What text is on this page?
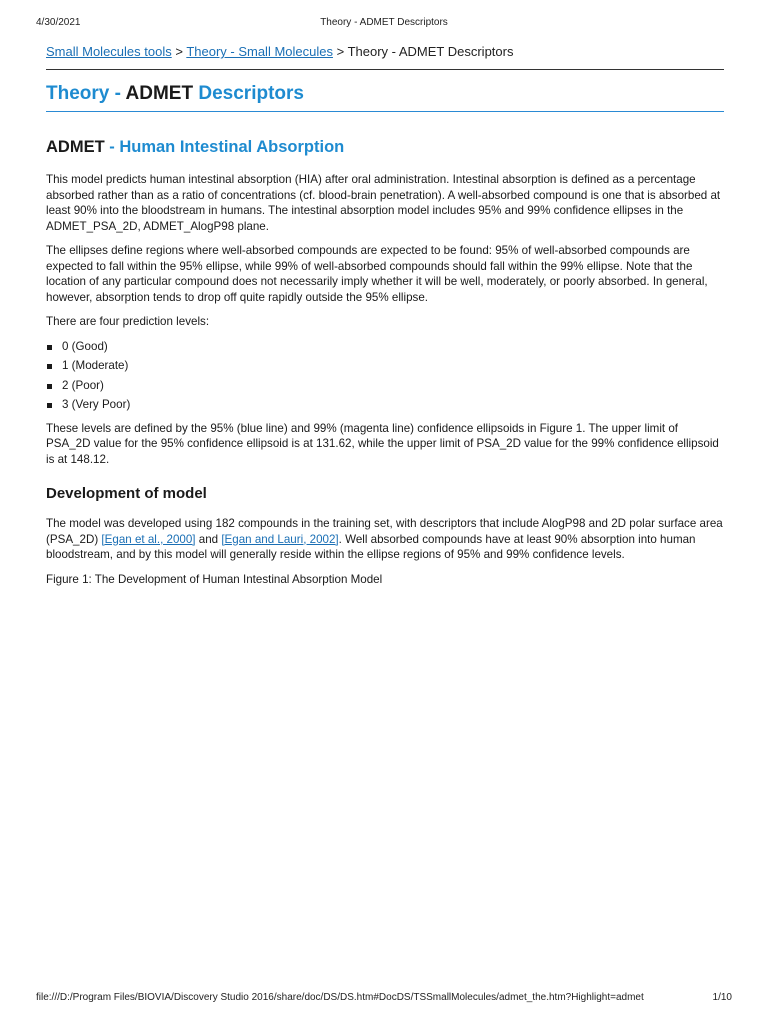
4/30/2021	Theory - ADMET Descriptors
Small Molecules tools > Theory - Small Molecules > Theory - ADMET Descriptors
Theory - ADMET Descriptors
ADMET - Human Intestinal Absorption

This model predicts human intestinal absorption (HIA) after oral administration. Intestinal absorption is defined as a percentage absorbed rather than as a ratio of concentrations (cf. blood-brain penetration). A well-absorbed compound is one that is absorbed at least 90% into the bloodstream in humans. The intestinal absorption model includes 95% and 99% confidence ellipses in the ADMET_PSA_2D, ADMET_AlogP98 plane.

The ellipses define regions where well-absorbed compounds are expected to be found: 95% of well-absorbed compounds are expected to fall within the 95% ellipse, while 99% of well-absorbed compounds should fall within the 99% ellipse. Note that the location of any particular compound does not necessarily imply whether it will be well, moderately, or poorly absorbed. In general, however, absorption tends to drop off quite rapidly outside the 95% ellipse.

There are four prediction levels:

0 (Good)
1 (Moderate)
2 (Poor)
3 (Very Poor)

These levels are defined by the 95% (blue line) and 99% (magenta line) confidence ellipsoids in Figure 1. The upper limit of PSA_2D value for the 95% confidence ellipsoid is at 131.62, while the upper limit of PSA_2D value for the 99% confidence ellipsoid is at 148.12.

Development of model

The model was developed using 182 compounds in the training set, with descriptors that include AlogP98 and 2D polar surface area (PSA_2D) [Egan et al., 2000] and [Egan and Lauri, 2002]. Well absorbed compounds have at least 90% absorption into human bloodstream, and by this model will generally reside within the ellipse regions of 95% and 99% confidence levels.

Figure 1: The Development of Human Intestinal Absorption Model

file:///D:/Program Files/BIOVIA/Discovery Studio 2016/share/doc/DS/DS.htm#DocDS/TSSmallMolecules/admet_the.htm?Highlight=admet	1/10
